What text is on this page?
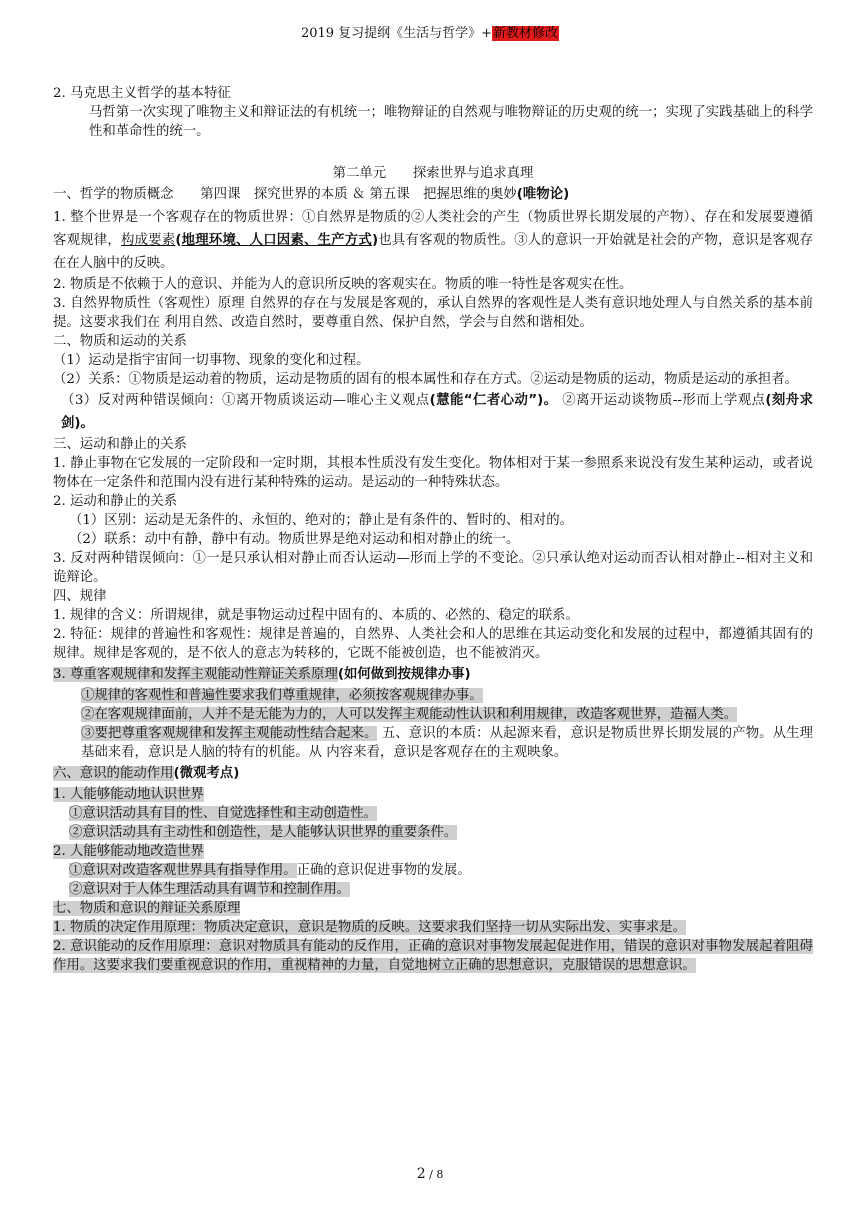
2019 复习提纲《生活与哲学》+新教材修改

2. 马克思主义哲学的基本特征

马哲第一次实现了唯物主义和辩证法的有机统一；唯物辩证的自然观与唯物辩证的历史观的统一；实现了实践基础上的科学性和革命性的统一。

第二单元　　探索世界与追求真理

一、哲学的物质概念　　第四课　探究世界的本质 ＆ 第五课　把握思维的奥妙(唯物论)

1. 整个世界是一个客观存在的物质世界：①自然界是物质的②人类社会的产生（物质世界长期发展的产物）、存在和发展要遵循客观规律，构成要素(地理环境、人口因素、生产方式)也具有客观的物质性。③人的意识一开始就是社会的产物，意识是客观存在在人脑中的反映。

2. 物质是不依赖于人的意识、并能为人的意识所反映的客观实在。物质的唯一特性是客观实在性。

3. 自然界物质性（客观性）原理 自然界的存在与发展是客观的，承认自然界的客观性是人类有意识地处理人与自然关系的基本前提。这要求我们在 利用自然、改造自然时，要尊重自然、保护自然，学会与自然和谐相处。

二、物质和运动的关系

（1）运动是指宇宙间一切事物、现象的变化和过程。

（2）关系：①物质是运动着的物质，运动是物质的固有的根本属性和存在方式。②运动是物质的运动，物质是运动的承担者。

（3）反对两种错误倾向：①离开物质谈运动—唯心主义观点(慧能“仁者心动”)。 ②离开运动谈物质--形而上学观点(刻舟求剑)。

三、运动和静止的关系

1. 静止事物在它发展的一定阶段和一定时期，其根本性质没有发生变化。物体相对于某一参照系来说没有发生某种运动，或者说物体在一定条件和范围内没有进行某种特殊的运动。是运动的一种特殊状态。

2. 运动和静止的关系

（1）区别：运动是无条件的、永恒的、绝对的；静止是有条件的、暂时的、相对的。

（2）联系：动中有静，静中有动。物质世界是绝对运动和相对静止的统一。

3. 反对两种错误倾向：①一是只承认相对静止而否认运动—形而上学的不变论。②只承认绝对运动而否认相对静止--相对主义和诡辩论。

四、规律

1. 规律的含义：所谓规律，就是事物运动过程中固有的、本质的、必然的、稳定的联系。

2. 特征：规律的普遍性和客观性：规律是普遍的，自然界、人类社会和人的思维在其运动变化和发展的过程中，都遵循其固有的规律。规律是客观的，是不依人的意志为转移的，它既不能被创造，也不能被消灭。

3. 尊重客观规律和发挥主观能动性辩证关系原理(如何做到按规律办事)

①规律的客观性和普遍性要求我们尊重规律，必须按客观规律办事。

②在客观规律面前，人并不是无能为力的，人可以发挥主观能动性认识和利用规律，改造客观世界，造福人类。

③要把尊重客观规律和发挥主观能动性结合起来。 五、意识的本质：从起源来看，意识是物质世界长期发展的产物。从生理基础来看，意识是人脑的特有的机能。从 内容来看，意识是客观存在的主观映象。

六、意识的能动作用(微观考点)

1. 人能够能动地认识世界

①意识活动具有目的性、自觉选择性和主动创造性。

②意识活动具有主动性和创造性，是人能够认识世界的重要条件。

2. 人能够能动地改造世界

①意识对改造客观世界具有指导作用。正确的意识促进事物的发展。

②意识对于人体生理活动具有调节和控制作用。

七、物质和意识的辩证关系原理

1. 物质的决定作用原理：物质决定意识，意识是物质的反映。这要求我们坚持一切从实际出发、实事求是。

2. 意识能动的反作用原理：意识对物质具有能动的反作用，正确的意识对事物发展起促进作用，错误的意识对事物发展起着阻碍作用。这要求我们要重视意识的作用，重视精神的力量，自觉地树立正确的思想意识，克服错误的思想意识。

2 / 8
